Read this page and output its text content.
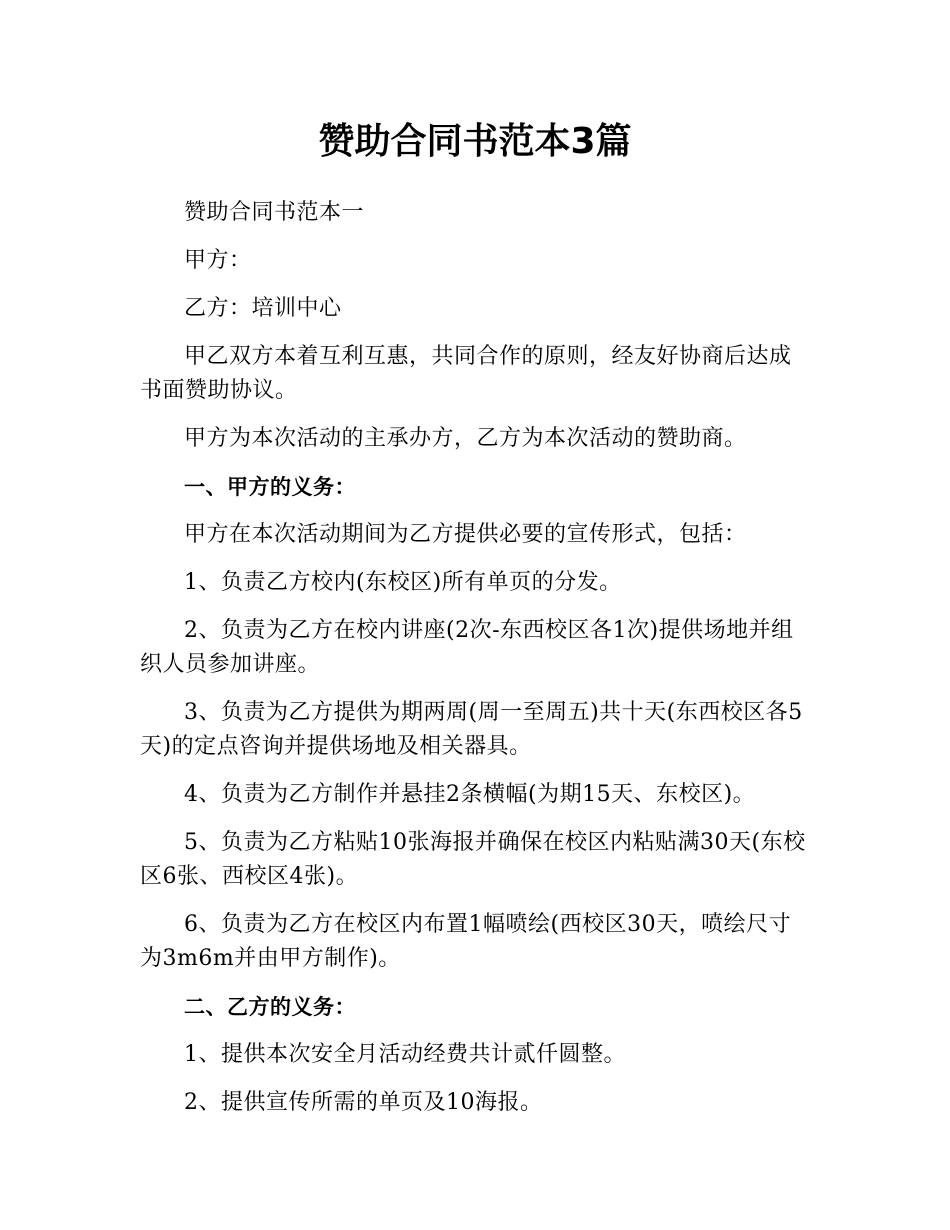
赞助合同书范本3篇

赞助合同书范本一

甲方：

乙方：培训中心

甲乙双方本着互利互惠，共同合作的原则，经友好协商后达成书面赞助协议。

甲方为本次活动的主承办方，乙方为本次活动的赞助商。

一、甲方的义务：

甲方在本次活动期间为乙方提供必要的宣传形式，包括：

1、负责乙方校内(东校区)所有单页的分发。

2、负责为乙方在校内讲座(2次-东西校区各1次)提供场地并组织人员参加讲座。

3、负责为乙方提供为期两周(周一至周五)共十天(东西校区各5天)的定点咨询并提供场地及相关器具。

4、负责为乙方制作并悬挂2条横幅(为期15天、东校区)。

5、负责为乙方粘贴10张海报并确保在校区内粘贴满30天(东校区6张、西校区4张)。

6、负责为乙方在校区内布置1幅喷绘(西校区30天，喷绘尺寸为3m6m并由甲方制作)。

二、乙方的义务：

1、提供本次安全月活动经费共计贰仟圆整。

2、提供宣传所需的单页及10海报。
